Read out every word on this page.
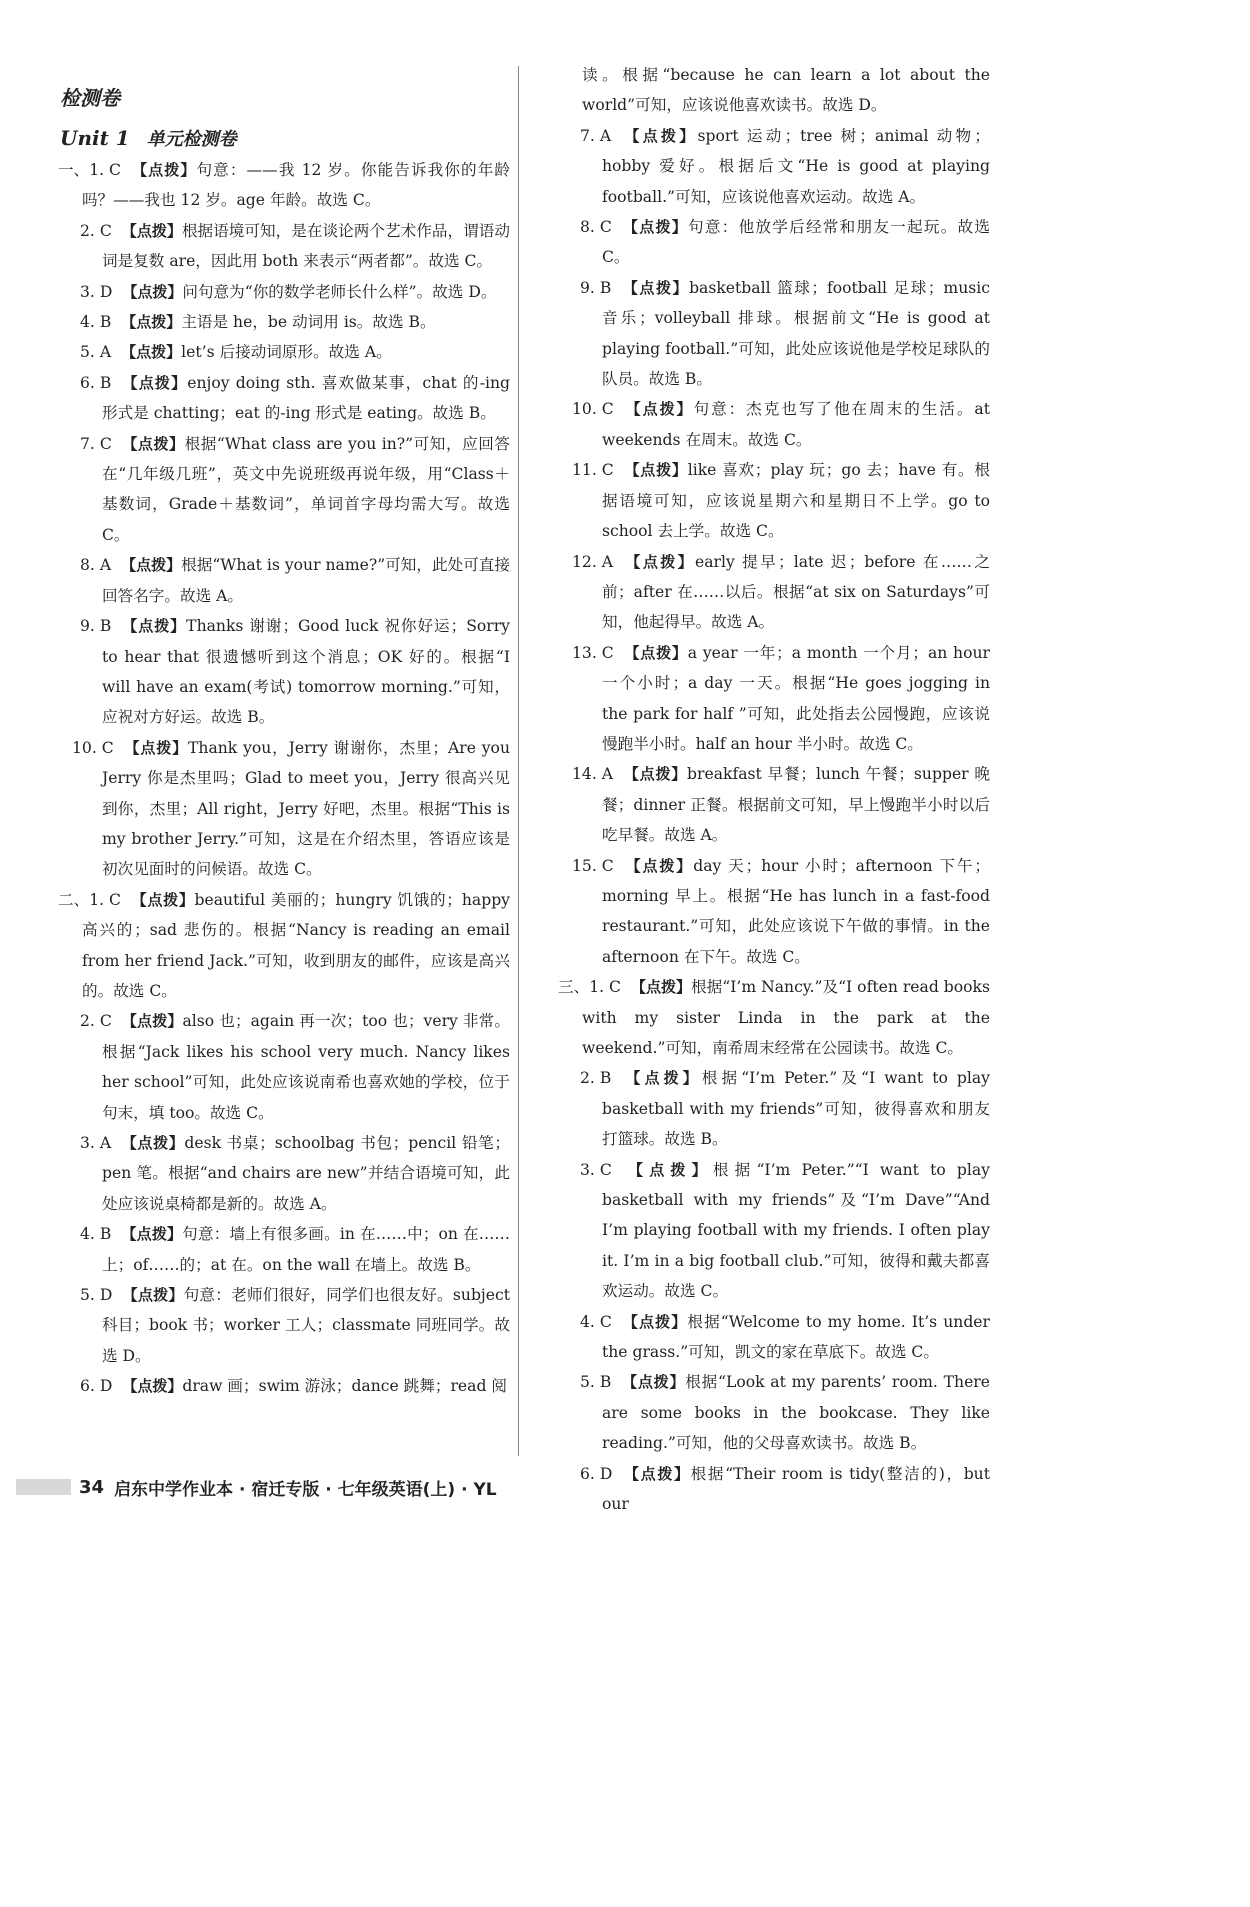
检测卷
Unit 1 单元检测卷
一、1. C 【点拨】句意：——我 12 岁。你能告诉我你的年龄吗？——我也 12 岁。age 年龄。故选 C。
2. C 【点拨】根据语境可知，是在谈论两个艺术作品，谓语动词是复数 are，因此用 both 来表示“两者都”。故选 C。
3. D 【点拨】问句意为“你的数学老师长什么样”。故选 D。
4. B 【点拨】主语是 he，be 动词用 is。故选 B。
5. A 【点拨】let’s 后接动词原形。故选 A。
6. B 【点拨】enjoy doing sth. 喜欢做某事，chat 的-ing 形式是 chatting；eat 的-ing 形式是 eating。故选 B。
7. C 【点拨】根据“What class are you in?”可知，应回答在“几年级几班”，英文中先说班级再说年级，用“Class＋基数词，Grade＋基数词”，单词首字母均需大写。故选 C。
8. A 【点拨】根据“What is your name?”可知，此处可直接回答名字。故选 A。
9. B 【点拨】Thanks 谢谢；Good luck 祝你好运；Sorry to hear that 很遗憾听到这个消息；OK 好的。根据“I will have an exam(考试) tomorrow morning.”可知，应祝对方好运。故选 B。
10. C 【点拨】Thank you，Jerry 谢谢你，杰里；Are you Jerry 你是杰里吗；Glad to meet you，Jerry 很高兴见到你，杰里；All right，Jerry 好吧，杰里。根据“This is my brother Jerry.”可知，这是在介绍杰里，答语应该是初次见面时的问候语。故选 C。
二、1. C 【点拨】beautiful 美丽的；hungry 饥饿的；happy 高兴的；sad 悲伤的。根据“Nancy is reading an email from her friend Jack.”可知，收到朋友的邮件，应该是高兴的。故选 C。
2. C 【点拨】also 也；again 再一次；too 也；very 非常。根据“Jack likes his school very much. Nancy likes her school”可知，此处应该说南希也喜欢她的学校，位于句末，填 too。故选 C。
3. A 【点拨】desk 书桌；schoolbag 书包；pencil 铅笔；pen 笔。根据“and chairs are new”并结合语境可知，此处应该说桌椅都是新的。故选 A。
4. B 【点拨】句意：墙上有很多画。in 在……中；on 在……上；of……的；at 在。on the wall 在墙上。故选 B。
5. D 【点拨】句意：老师们很好，同学们也很友好。subject 科目；book 书；worker 工人；classmate 同班同学。故选 D。
6. D 【点拨】draw 画；swim 游泳；dance 跳舞；read 阅
读。根据“because he can learn a lot about the world”可知，应该说他喜欢读书。故选 D。
7. A 【点拨】sport 运动；tree 树；animal 动物；hobby 爱好。根据后文“He is good at playing football.”可知，应该说他喜欢运动。故选 A。
8. C 【点拨】句意：他放学后经常和朋友一起玩。故选 C。
9. B 【点拨】basketball 篮球；football 足球；music 音乐；volleyball 排球。根据前文“He is good at playing football.”可知，此处应该说他是学校足球队的队员。故选 B。
10. C 【点拨】句意：杰克也写了他在周末的生活。at weekends 在周末。故选 C。
11. C 【点拨】like 喜欢；play 玩；go 去；have 有。根据语境可知，应该说星期六和星期日不上学。go to school 去上学。故选 C。
12. A 【点拨】early 提早；late 迟；before 在……之前；after 在……以后。根据“at six on Saturdays”可知，他起得早。故选 A。
13. C 【点拨】a year 一年；a month 一个月；an hour 一个小时；a day 一天。根据“He goes jogging in the park for half ”可知，此处指去公园慢跑，应该说慢跑半小时。half an hour 半小时。故选 C。
14. A 【点拨】breakfast 早餐；lunch 午餐；supper 晚餐；dinner 正餐。根据前文可知，早上慢跑半小时以后吃早餐。故选 A。
15. C 【点拨】day 天；hour 小时；afternoon 下午；morning 早上。根据“He has lunch in a fast-food restaurant.”可知，此处应该说下午做的事情。in the afternoon 在下午。故选 C。
三、1. C 【点拨】根据“I’m Nancy.”及“I often read books with my sister Linda in the park at the weekend.”可知，南希周末经常在公园读书。故选 C。
2. B 【点拨】根据“I’m Peter.”及“I want to play basketball with my friends”可知，彼得喜欢和朋友打篮球。故选 B。
3. C 【点拨】根据“I’m Peter.”“I want to play basketball with my friends”及“I’m Dave”“And I’m playing football with my friends. I often play it. I’m in a big football club.”可知，彼得和戴夫都喜欢运动。故选 C。
4. C 【点拨】根据“Welcome to my home. It’s under the grass.”可知，凯文的家在草底下。故选 C。
5. B 【点拨】根据“Look at my parents’ room. There are some books in the bookcase. They like reading.”可知，他的父母喜欢读书。故选 B。
6. D 【点拨】根据“Their room is tidy(整洁的)，but our
34 启东中学作业本 · 宿迁专版 · 七年级英语(上) · YL
